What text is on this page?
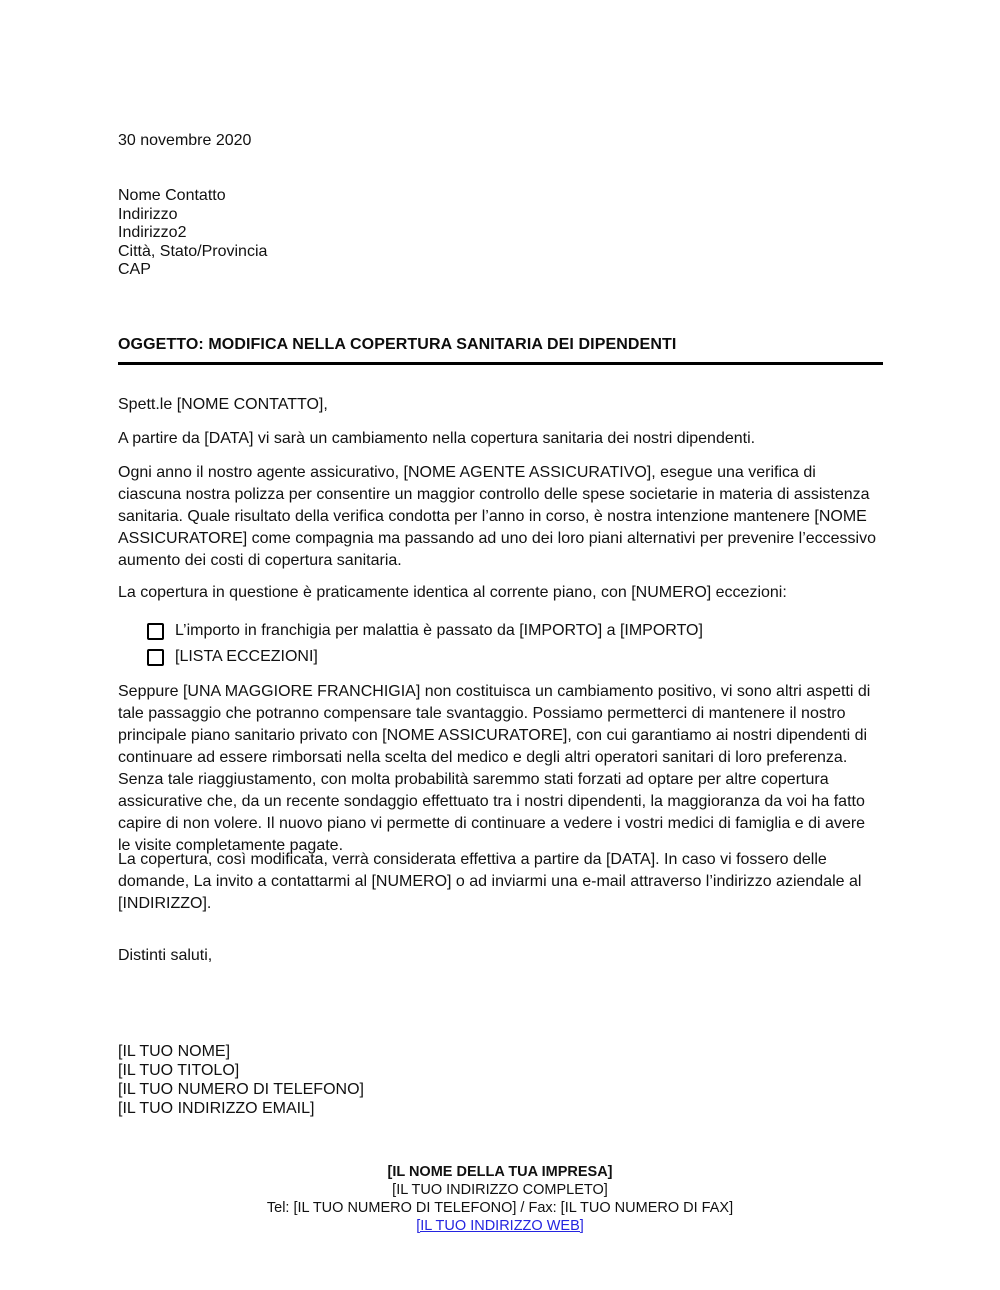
30 novembre 2020
Nome Contatto
Indirizzo
Indirizzo2
Città, Stato/Provincia
CAP
OGGETTO: MODIFICA NELLA COPERTURA SANITARIA DEI DIPENDENTI
Spett.le [NOME CONTATTO],
A partire da [DATA] vi sarà un cambiamento nella copertura sanitaria dei nostri dipendenti.
Ogni anno il nostro agente assicurativo, [NOME AGENTE ASSICURATIVO], esegue una verifica di ciascuna nostra polizza per consentire un maggior controllo delle spese societarie in materia di assistenza sanitaria. Quale risultato della verifica condotta per l’anno in corso, è nostra intenzione mantenere [NOME ASSICURATORE] come compagnia ma passando ad uno dei loro piani alternativi per prevenire l’eccessivo aumento dei costi di copertura sanitaria.
La copertura in questione è praticamente identica al corrente piano, con [NUMERO] eccezioni:
L’importo in franchigia per malattia è passato da [IMPORTO] a [IMPORTO]
[LISTA ECCEZIONI]
Seppure [UNA MAGGIORE FRANCHIGIA] non costituisca un cambiamento positivo, vi sono altri aspetti di tale passaggio che potranno compensare tale svantaggio. Possiamo permetterci di mantenere il nostro principale piano sanitario privato con [NOME ASSICURATORE], con cui garantiamo ai nostri dipendenti di continuare ad essere rimborsati nella scelta del medico e degli altri operatori sanitari di loro preferenza. Senza tale riaggiustamento, con molta probabilità saremmo stati forzati ad optare per altre copertura assicurative che, da un recente sondaggio effettuato tra i nostri dipendenti, la maggioranza da voi ha fatto capire di non volere. Il nuovo piano vi permette di continuare a vedere i vostri medici di famiglia e di avere le visite completamente pagate.
La copertura, così modificata, verrà considerata effettiva a partire da [DATA]. In caso vi fossero delle domande, La invito a contattarmi al [NUMERO] o ad inviarmi una e-mail attraverso l’indirizzo aziendale al [INDIRIZZO].
Distinti saluti,
[IL TUO NOME]
[IL TUO TITOLO]
[IL TUO NUMERO DI TELEFONO]
[IL TUO INDIRIZZO EMAIL]
[IL NOME DELLA TUA IMPRESA]
[IL TUO INDIRIZZO COMPLETO]
Tel: [IL TUO NUMERO DI TELEFONO] / Fax: [IL TUO NUMERO DI FAX]
[IL TUO INDIRIZZO WEB]
